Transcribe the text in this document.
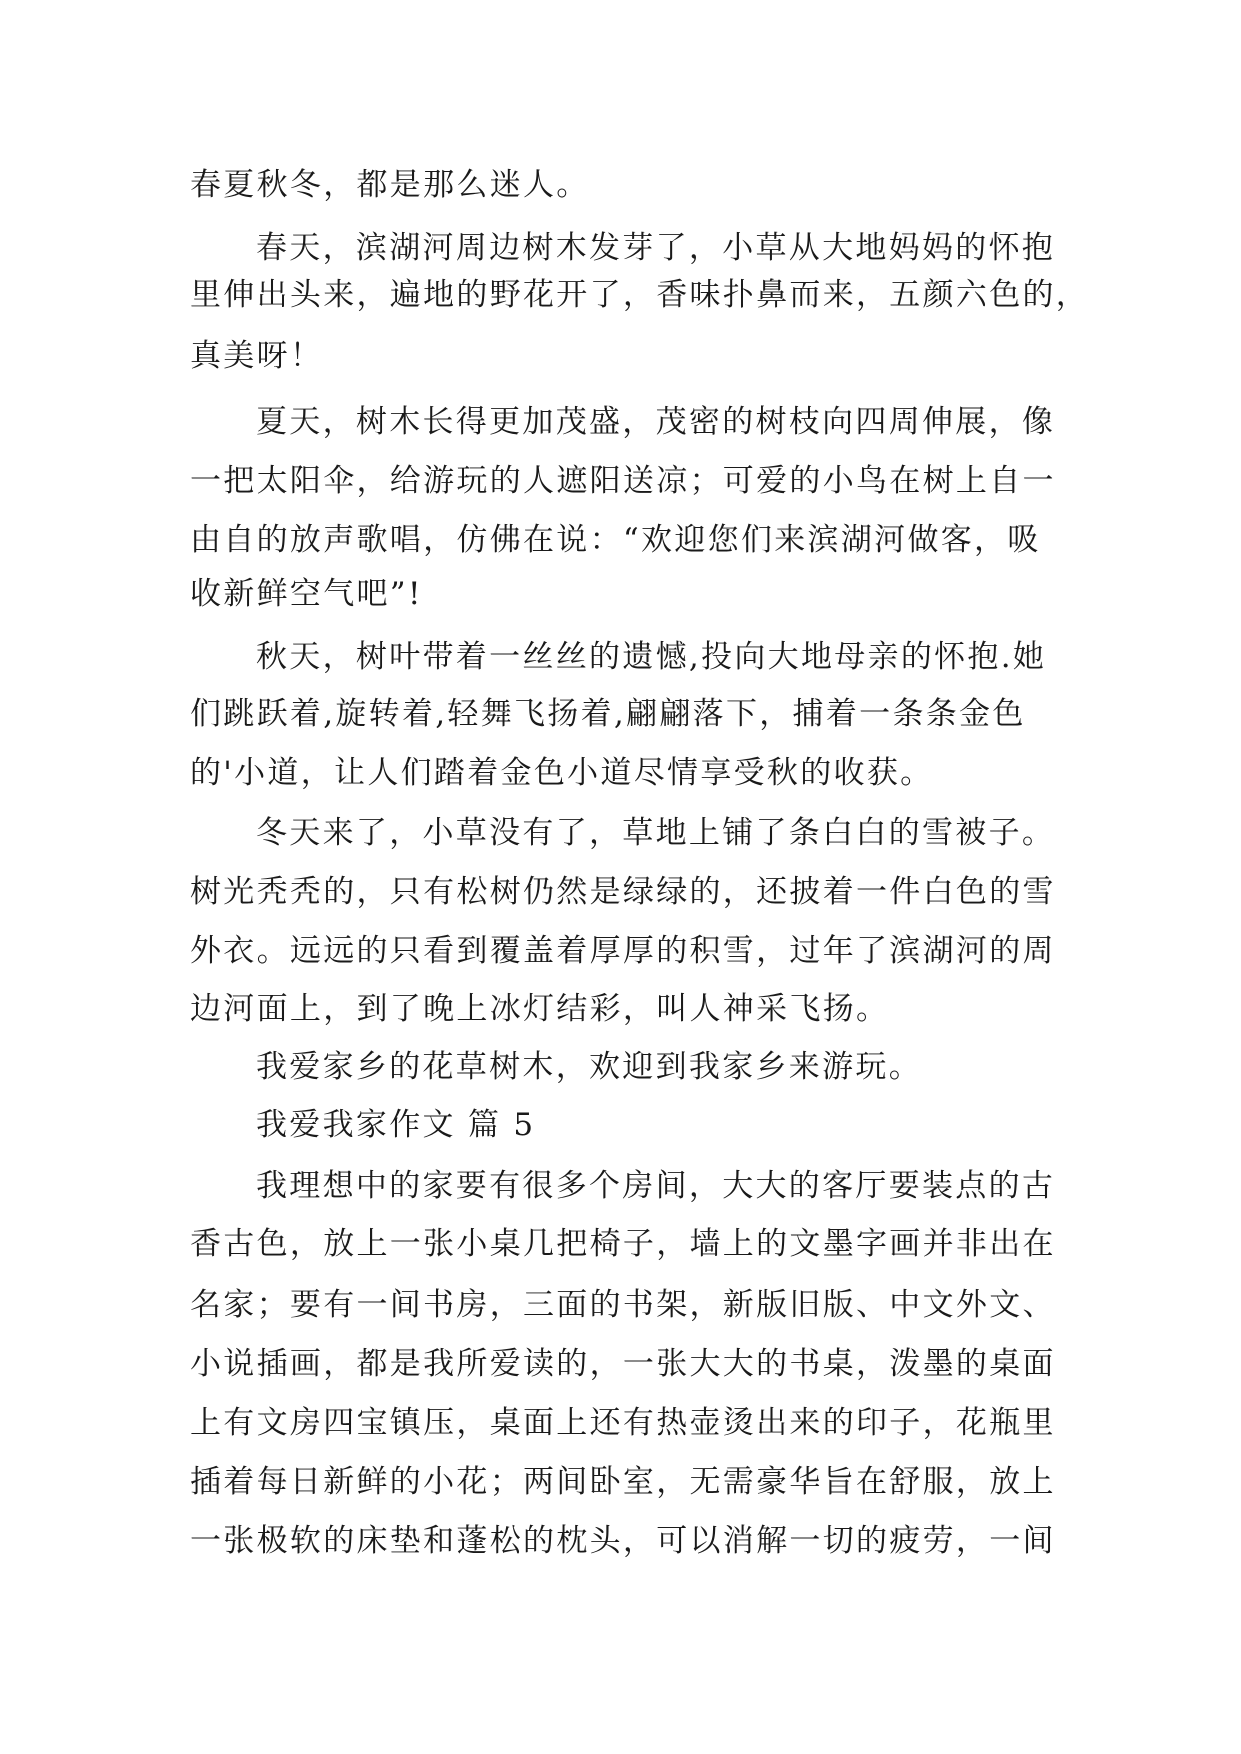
春夏秋冬，都是那么迷人。
春天，滨湖河周边树木发芽了，小草从大地妈妈的怀抱
里伸出头来，遍地的野花开了，香味扑鼻而来，五颜六色的，
真美呀！
夏天，树木长得更加茂盛，茂密的树枝向四周伸展，像
一把太阳伞，给游玩的人遮阳送凉；可爱的小鸟在树上自一
由自的放声歌唱，仿佛在说：“欢迎您们来滨湖河做客，吸
收新鲜空气吧”!
秋天，树叶带着一丝丝的遗憾,投向大地母亲的怀抱.她
们跳跃着,旋转着,轻舞飞扬着,翩翩落下，捕着一条条金色
的'小道，让人们踏着金色小道尽情享受秋的收获。
冬天来了，小草没有了，草地上铺了条白白的雪被子。
树光秃秃的，只有松树仍然是绿绿的，还披着一件白色的雪
外衣。远远的只看到覆盖着厚厚的积雪，过年了滨湖河的周
边河面上，到了晚上冰灯结彩，叫人神采飞扬。
我爱家乡的花草树木，欢迎到我家乡来游玩。
我爱我家作文 篇 5
我理想中的家要有很多个房间，大大的客厅要装点的古
香古色，放上一张小桌几把椅子，墙上的文墨字画并非出在
名家；要有一间书房，三面的书架，新版旧版、中文外文、
小说插画，都是我所爱读的，一张大大的书桌，泼墨的桌面
上有文房四宝镇压，桌面上还有热壶烫出来的印子，花瓶里
插着每日新鲜的小花；两间卧室，无需豪华旨在舒服，放上
一张极软的床垫和蓬松的枕头，可以消解一切的疲劳，一间
